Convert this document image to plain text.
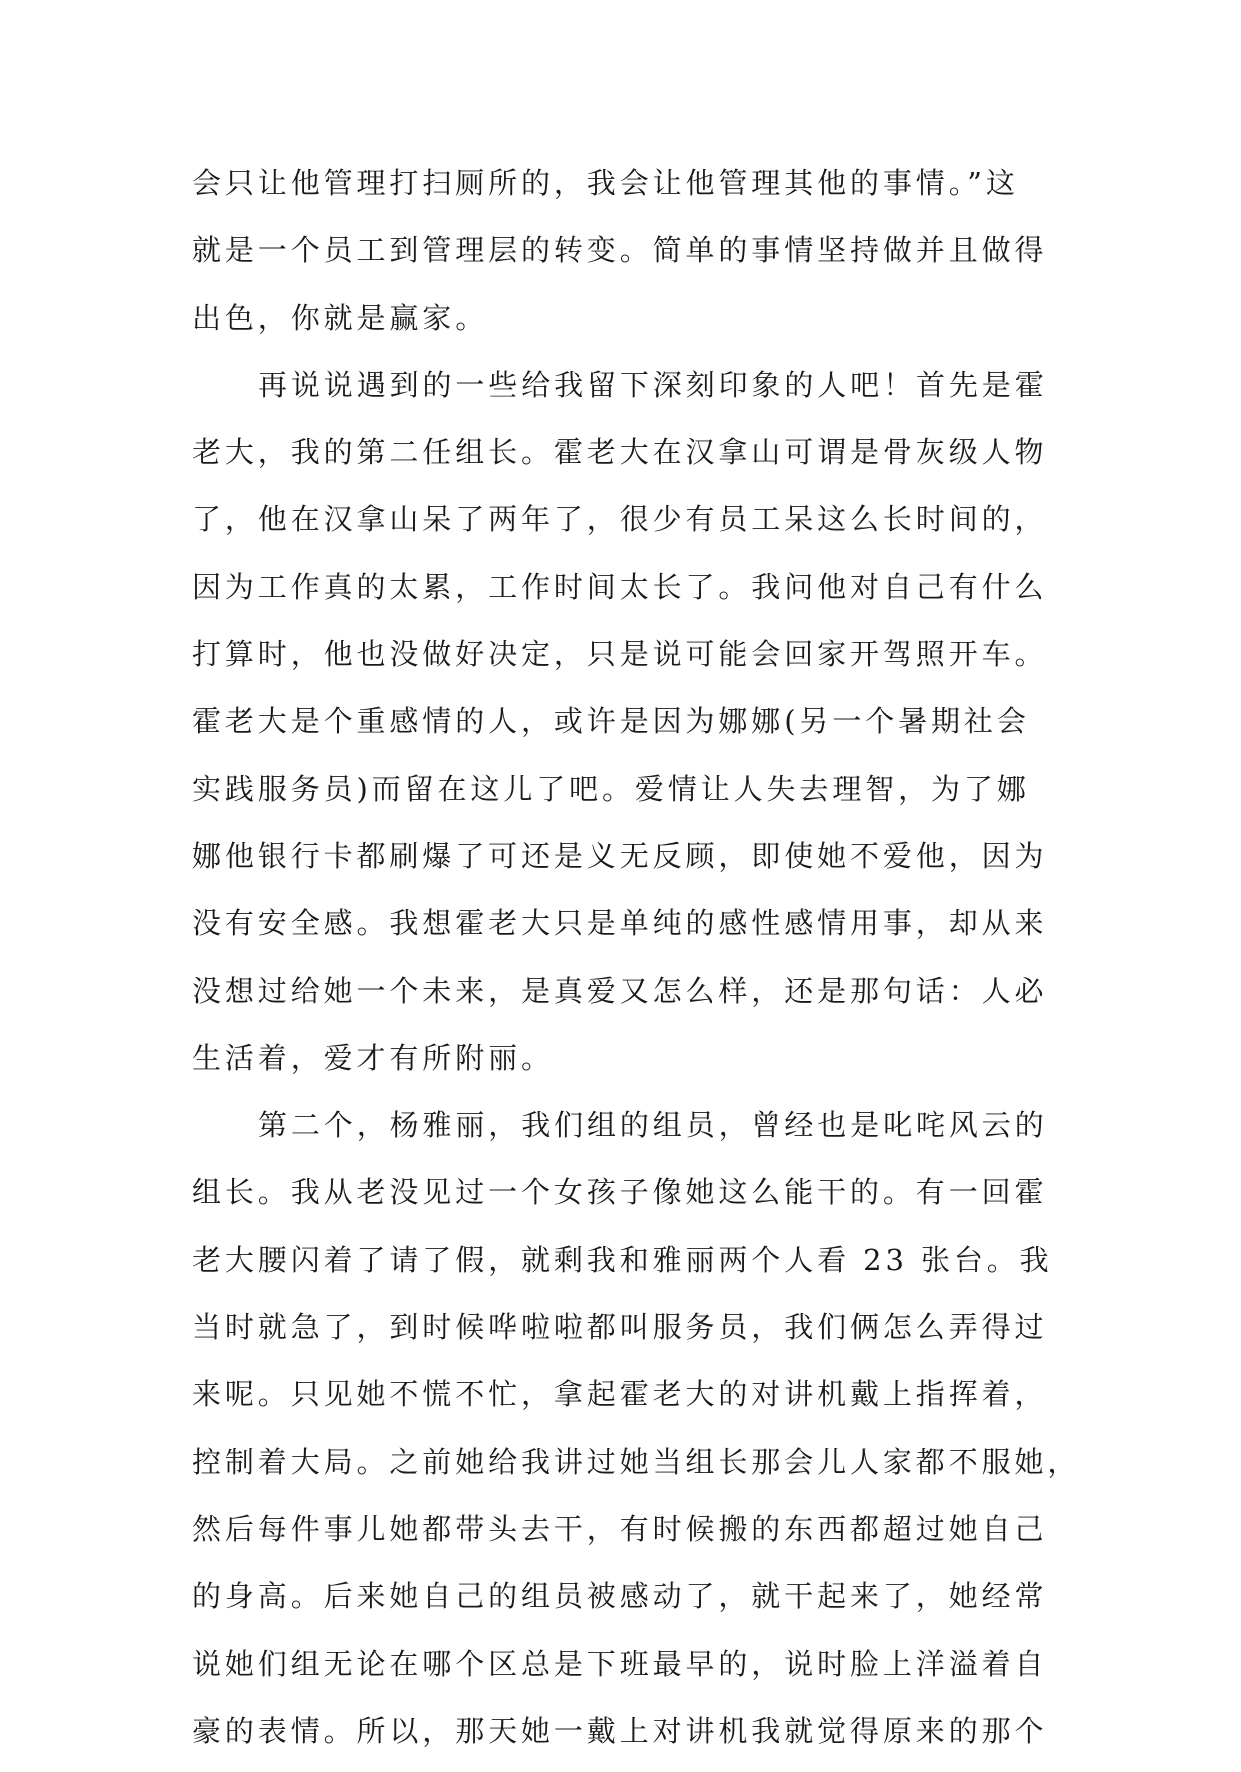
会只让他管理打扫厕所的，我会让他管理其他的事情。”这
就是一个员工到管理层的转变。简单的事情坚持做并且做得
出色，你就是赢家。
再说说遇到的一些给我留下深刻印象的人吧！首先是霍
老大，我的第二任组长。霍老大在汉拿山可谓是骨灰级人物
了，他在汉拿山呆了两年了，很少有员工呆这么长时间的，
因为工作真的太累，工作时间太长了。我问他对自己有什么
打算时，他也没做好决定，只是说可能会回家开驾照开车。
霍老大是个重感情的人，或许是因为娜娜(另一个暑期社会
实践服务员)而留在这儿了吧。爱情让人失去理智，为了娜
娜他银行卡都刷爆了可还是义无反顾，即使她不爱他，因为
没有安全感。我想霍老大只是单纯的感性感情用事，却从来
没想过给她一个未来，是真爱又怎么样，还是那句话：人必
生活着，爱才有所附丽。
第二个，杨雅丽，我们组的组员，曾经也是叱咤风云的
组长。我从老没见过一个女孩子像她这么能干的。有一回霍
老大腰闪着了请了假，就剩我和雅丽两个人看 23 张台。我
当时就急了，到时候哗啦啦都叫服务员，我们俩怎么弄得过
来呢。只见她不慌不忙，拿起霍老大的对讲机戴上指挥着，
控制着大局。之前她给我讲过她当组长那会儿人家都不服她，
然后每件事儿她都带头去干，有时候搬的东西都超过她自己
的身高。后来她自己的组员被感动了，就干起来了，她经常
说她们组无论在哪个区总是下班最早的，说时脸上洋溢着自
豪的表情。所以，那天她一戴上对讲机我就觉得原来的那个
